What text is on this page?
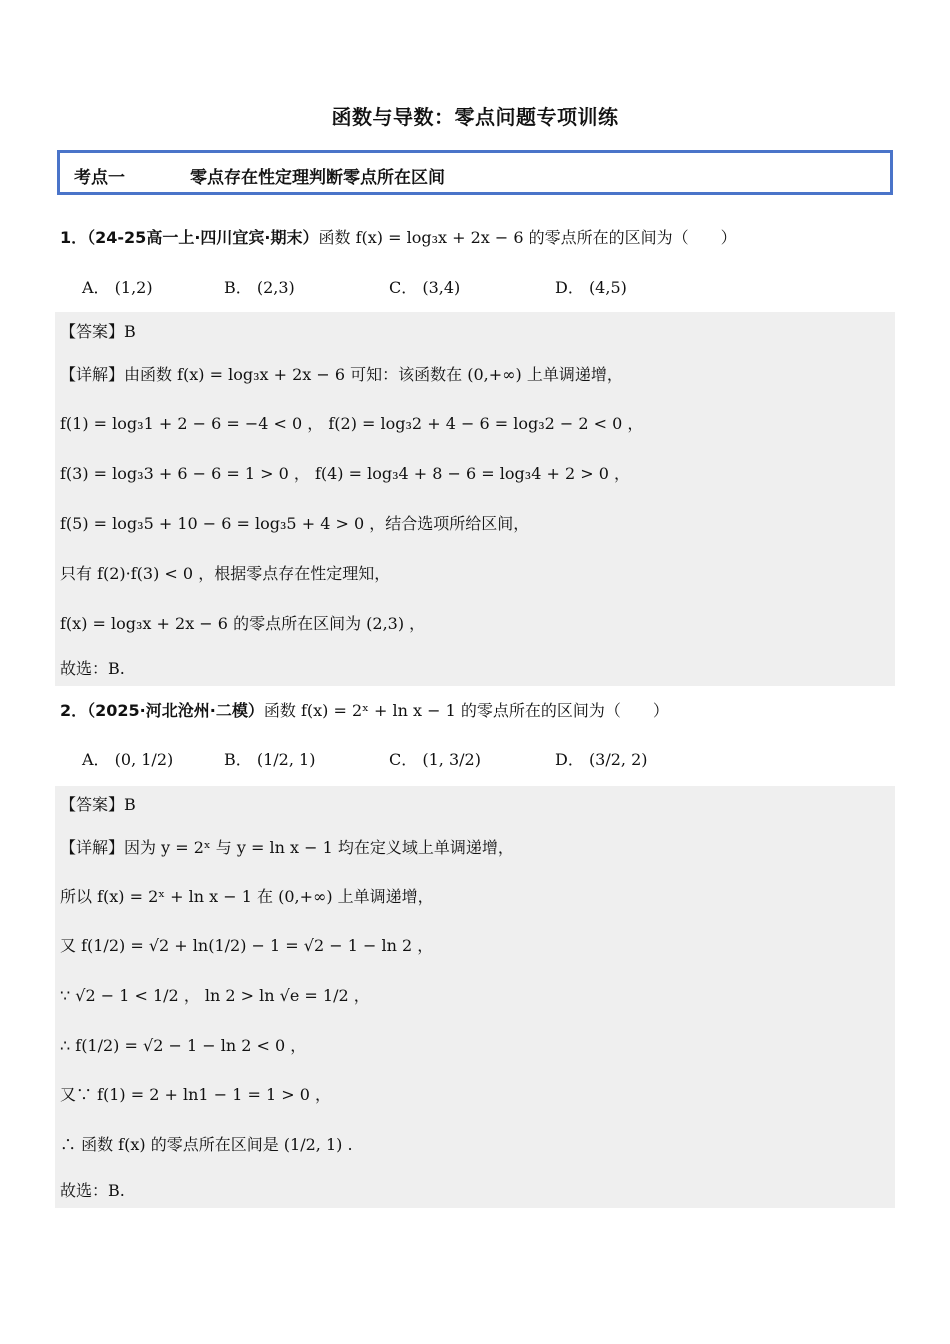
函数与导数：零点问题专项训练
考点一	零点存在性定理判断零点所在区间
1．（24-25高一上·四川宜宾·期末）函数 f(x) = log₃x + 2x − 6 的零点所在的区间为（　　）
A． (1,2)	B． (2,3)	C． (3,4)	D． (4,5)
【答案】B
【详解】由函数 f(x) = log₃x + 2x − 6 可知：该函数在 (0,+∞) 上单调递增，
f(1) = log₃1 + 2 − 6 = −4 < 0 ， f(2) = log₃2 + 4 − 6 = log₃2 − 2 < 0 ，
f(3) = log₃3 + 6 − 6 = 1 > 0 ， f(4) = log₃4 + 8 − 6 = log₃4 + 2 > 0 ，
f(5) = log₃5 + 10 − 6 = log₃5 + 4 > 0 ，结合选项所给区间，
只有 f(2)·f(3) < 0 ，根据零点存在性定理知，
f(x) = log₃x + 2x − 6 的零点所在区间为 (2,3) ，
故选：B.
2．（2025·河北沧州·二模）函数 f(x) = 2ˣ + ln x − 1 的零点所在的区间为（　　）
A． (0, 1/2)	B． (1/2, 1)	C． (1, 3/2)	D． (3/2, 2)
【答案】B
【详解】因为 y = 2ˣ 与 y = ln x − 1 均在定义域上单调递增，
所以 f(x) = 2ˣ + ln x − 1 在 (0,+∞) 上单调递增，
又 f(1/2) = √2 + ln(1/2) − 1 = √2 − 1 − ln 2 ，
∵ √2 − 1 < 1/2 ， ln 2 > ln √e = 1/2 ，
∴ f(1/2) = √2 − 1 − ln 2 < 0 ，
又∵ f(1) = 2 + ln1 − 1 = 1 > 0 ，
∴ 函数 f(x) 的零点所在区间是 (1/2, 1) .
故选：B.
